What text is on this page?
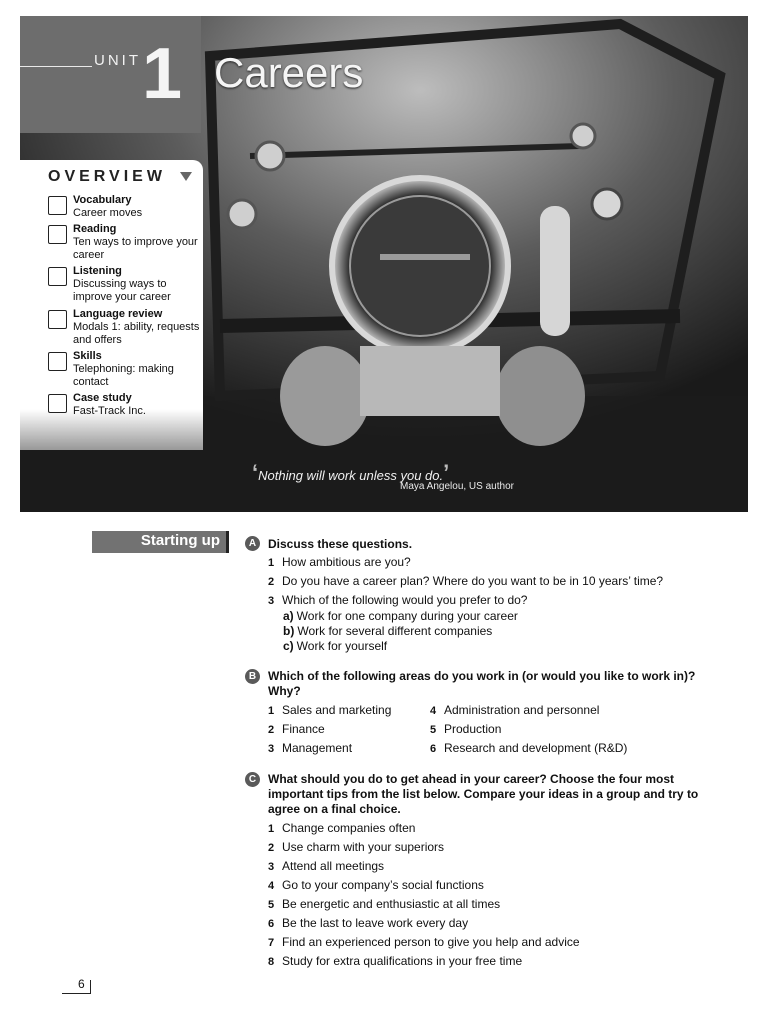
UNIT 1 Careers
OVERVIEW
Vocabulary
Career moves
Reading
Ten ways to improve your career
Listening
Discussing ways to improve your career
Language review
Modals 1: ability, requests and offers
Skills
Telephoning: making contact
Case study
Fast-Track Inc.
‘Nothing will work unless you do.’
Maya Angelou, US author
Starting up	A Discuss these questions.
1 How ambitious are you?
2 Do you have a career plan? Where do you want to be in 10 years’ time?
3 Which of the following would you prefer to do?
a) Work for one company during your career
b) Work for several different companies
c) Work for yourself
B Which of the following areas do you work in (or would you like to work in)?
Why?
1 Sales and marketing
2 Finance
3 Management
4 Administration and personnel
5 Production
6 Research and development (R&D)
C What should you do to get ahead in your career? Choose the four most
important tips from the list below. Compare your ideas in a group and try to
agree on a final choice.
1 Change companies often
2 Use charm with your superiors
3 Attend all meetings
4 Go to your company’s social functions
5 Be energetic and enthusiastic at all times
6 Be the last to leave work every day
7 Find an experienced person to give you help and advice
8 Study for extra qualifications in your free time
6
